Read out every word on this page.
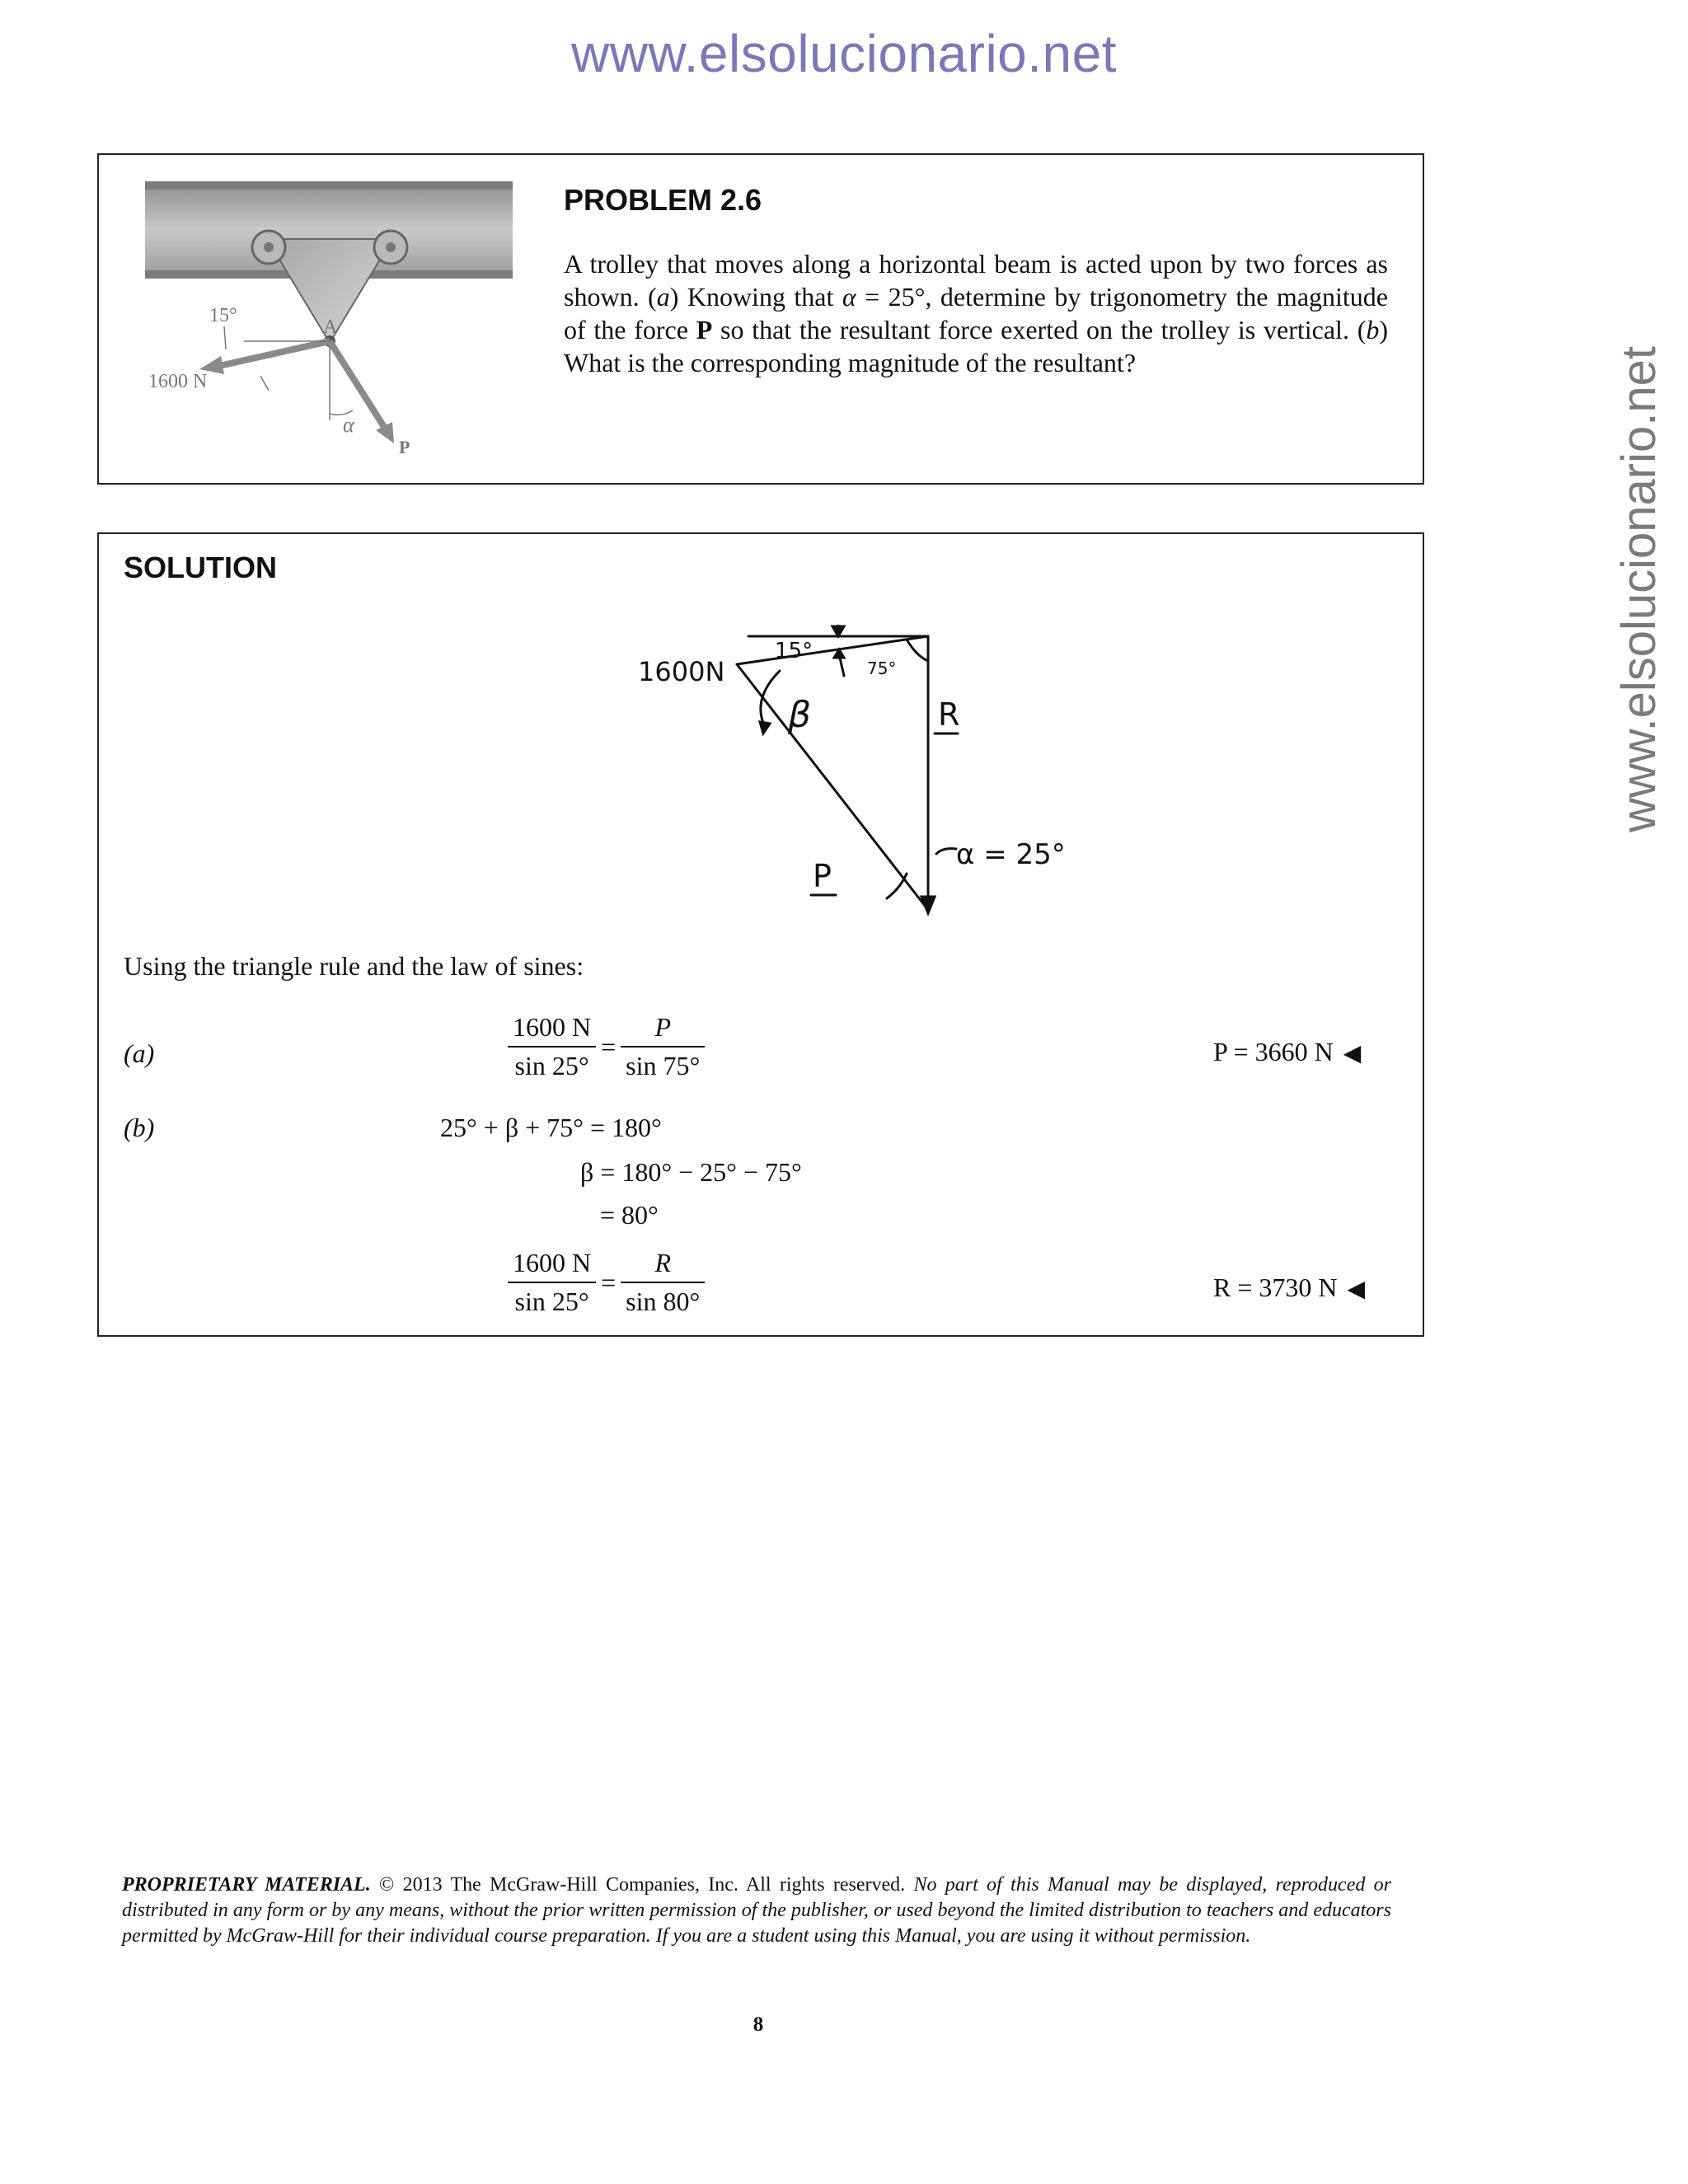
www.elsolucionario.net
www.elsolucionario.net
15°
A
1600 N
α
P
PROBLEM 2.6
A trolley that moves along a horizontal beam is acted upon by two forces as shown. (a) Knowing that α = 25°, determine by trigonometry the magnitude of the force P so that the resultant force exerted on the trolley is vertical. (b) What is the corresponding magnitude of the resultant?
SOLUTION
1600N
15°
75°
β	R
P
α = 25°
Using the triangle rule and the law of sines:
(a)	$\frac{1600 N}{\sin 25^\circ} = \frac{P}{\sin 75^\circ}$	P = 3660 N ◀
(b)	25° + β + 75° = 180°
β = 180° − 25° − 75°
= 80°
$\frac{1600 N}{\sin 25^\circ} = \frac{R}{\sin 80^\circ}$	R = 3730 N ◀
PROPRIETARY MATERIAL. © 2013 The McGraw-Hill Companies, Inc. All rights reserved. No part of this Manual may be displayed, reproduced or distributed in any form or by any means, without the prior written permission of the publisher, or used beyond the limited distribution to teachers and educators permitted by McGraw-Hill for their individual course preparation. If you are a student using this Manual, you are using it without permission.
8
